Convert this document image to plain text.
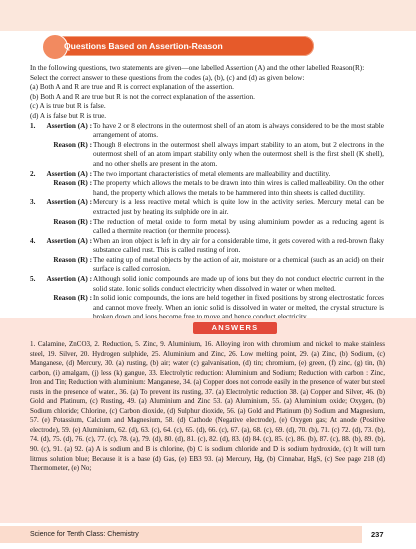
Questions Based on Assertion-Reason

In the following questions, two statements are given—one labelled Assertion (A) and the other labelled Reason(R):

Select the correct answer to these questions from the codes (a), (b), (c) and (d) as given below:

(a) Both A and R are true and R is correct explanation of the assertion.

(b) Both A and R are true but R is not the correct explanation of the assertion.

(c) A is true but R is false.

(d) A is false but R is true.

1.	Assertion (A) : To have 2 or 8 electrons in the outermost shell of an atom is always considered to be the most stable arrangement of atoms.
Reason (R) : Though 8 electrons in the outermost shell always impart stability to an atom, but 2 electrons in the outermost shell of an atom impart stability only when the outermost shell is the first shell (K shell), and no other shells are present in the atom.
2.	Assertion (A) : The two important characteristics of metal elements are malleability and ductility.
Reason (R) : The property which allows the metals to be drawn into thin wires is called malleability. On the other hand, the property which allows the metals to be hammered into thin sheets is called ductility.
3.	Assertion (A) : Mercury is a less reactive metal which is quite low in the activity series. Mercury metal can be extracted just by heating its sulphide ore in air.
Reason (R) : The reduction of metal oxide to form metal by using aluminium powder as a reducing agent is called a thermite reaction (or thermite process).
4.	Assertion (A) : When an iron object is left in dry air for a considerable time, it gets covered with a red-brown flaky substance called rust. This is called rusting of iron.
Reason (R) : The eating up of metal objects by the action of air, moisture or a chemical (such as an acid) on their surface is called corrosion.
5.	Assertion (A) : Although solid ionic compounds are made up of ions but they do not conduct electric current in the solid state. Ionic solids conduct electricity when dissolved in water or when melted.
Reason (R) : In solid ionic compounds, the ions are held together in fixed positions by strong electrostatic forces and cannot move freely. When an ionic solid is dissolved in water or melted, the crystal structure is
ANSWERS

1. Calamine, ZnCO3, 2. Reduction, 5. Zinc, 9. Aluminium, 16. Alloying iron with chromium and nickel to make stainless steel, 19. Silver, 20. Hydrogen sulphide, 25. Aluminium and Zinc, 26. Low melting point, 29. (a) Zinc, (b) Sodium, (c) Manganese, (d) Mercury, 30. (a) rusting, (b) air; water (c) galvanisation, (d) tin; chromium, (e) green, (f) zinc, (g) tin, (h) carbon, (i) amalgam, (j) less (k) gangue, 33. Electrolytic reduction: Aluminium and Sodium; Reduction with carbon : Zinc, Iron and Tin; Reduction with aluminium: Manganese, 34. (a) Copper does not corrode easily in the presence of water but steel rusts in the presence of water., 36. (a) To prevent its rusting, 37. (a) Electrolytic reduction 38. (a) Copper and Silver, 46. (b) Gold and Platinum, (c) Rusting, 49. (a) Aluminium and Zinc 53. (a) Aluminium, 55. (a) Aluminium oxide; Oxygen, (b) Sodium chloride; Chlorine, (c) Carbon dioxide, (d) Sulphur dioxide, 56. (a) Gold and Platinum (b) Sodium and Magnesium, 57. (e) Potassium, Calcium and Magnesium, 58. (d) Cathode (Negative electrode), (e) Oxygen gas; At anode (Positive electrode), 59. (e) Aluminium, 62. (d), 63. (c), 64. (c), 65. (d), 66. (c), 67. (a), 68. (c), 69. (d), 70. (b), 71. (c) 72. (d), 73. (b), 74. (d), 75. (d), 76. (c), 77. (c), 78. (a), 79. (d), 80. (d), 81. (c), 82. (d), 83. (d) 84. (c), 85. (c), 86. (b), 87. (c), 88. (b), 89. (b), 90. (c), 91. (a) 92. (a) A is sodium and B is chlorine, (b) C is sodium chloride and D is sodium hydroxide, (c) It will turn litmus solution blue; Because it is a base (d) Gas, (e) EB3 93. (a) Mercury, Hg, (b) Cinnabar, HgS, (c) See page 218 (d) Thermometer, (e) No;

Science for Tenth Class: Chemistry	237
